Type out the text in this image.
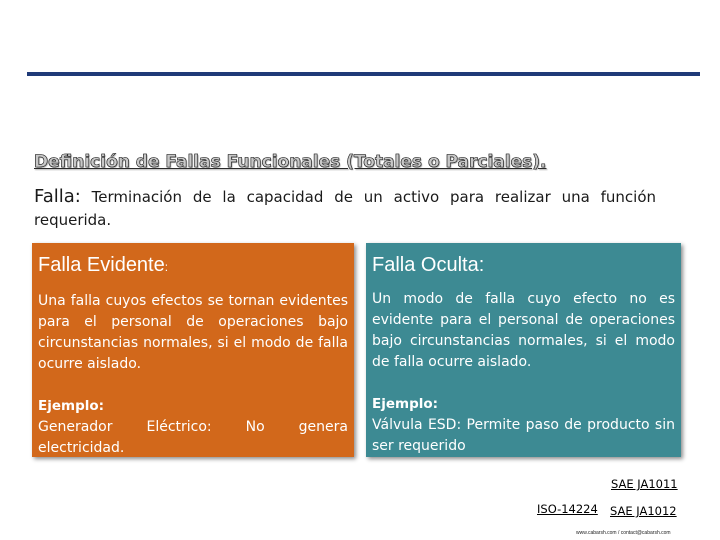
Definición de Fallas Funcionales (Totales o Parciales).
Falla: Terminación de la capacidad de un activo para realizar una función requerida.
Falla Evidente:
Una falla cuyos efectos se tornan evidentes para el personal de operaciones bajo circunstancias normales, si el modo de falla ocurre aislado.
Ejemplo:
Generador Eléctrico: No genera
electricidad.
Falla Oculta:
Un modo de falla cuyo efecto no es evidente para el personal de operaciones bajo circunstancias normales, si el modo de falla ocurre aislado.
Ejemplo:
Válvula ESD: Permite paso de producto sin ser requerido
SAE JA1011
ISO-14224 SAE JA1012
www.cabarsh.com / contact@cabarsh.com
